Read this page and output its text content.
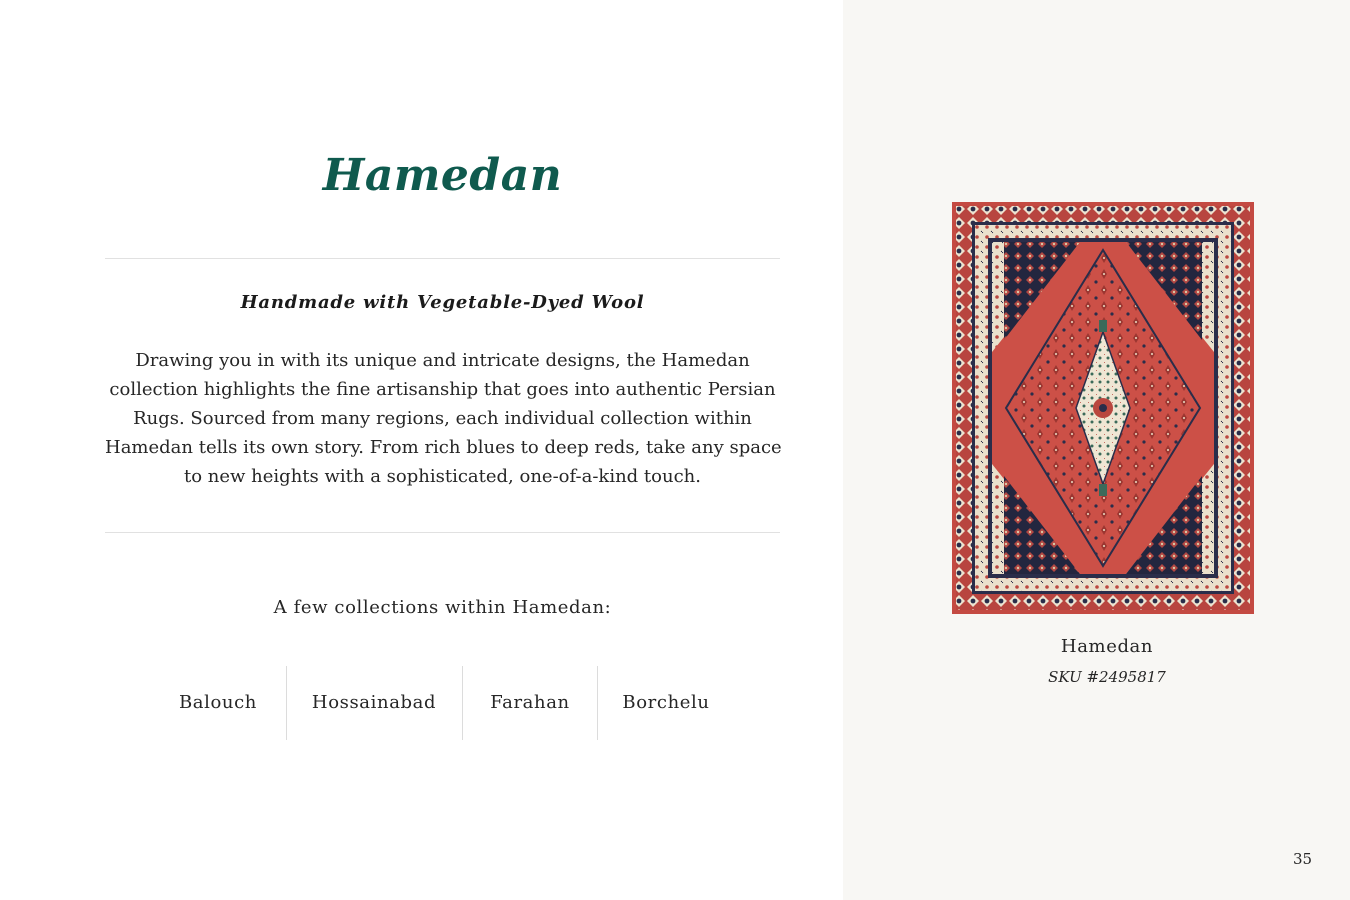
Hamedan
Handmade with Vegetable-Dyed Wool
Drawing you in with its unique and intricate designs, the Hamedan
collection highlights the fine artisanship that goes into authentic Persian
Rugs. Sourced from many regions, each individual collection within
Hamedan tells its own story. From rich blues to deep reds, take any space
to new heights with a sophisticated, one-of-a-kind touch.
A few collections within Hamedan:
Balouch	Hossainabad	Farahan	Borchelu
Hamedan
SKU #2495817
35
